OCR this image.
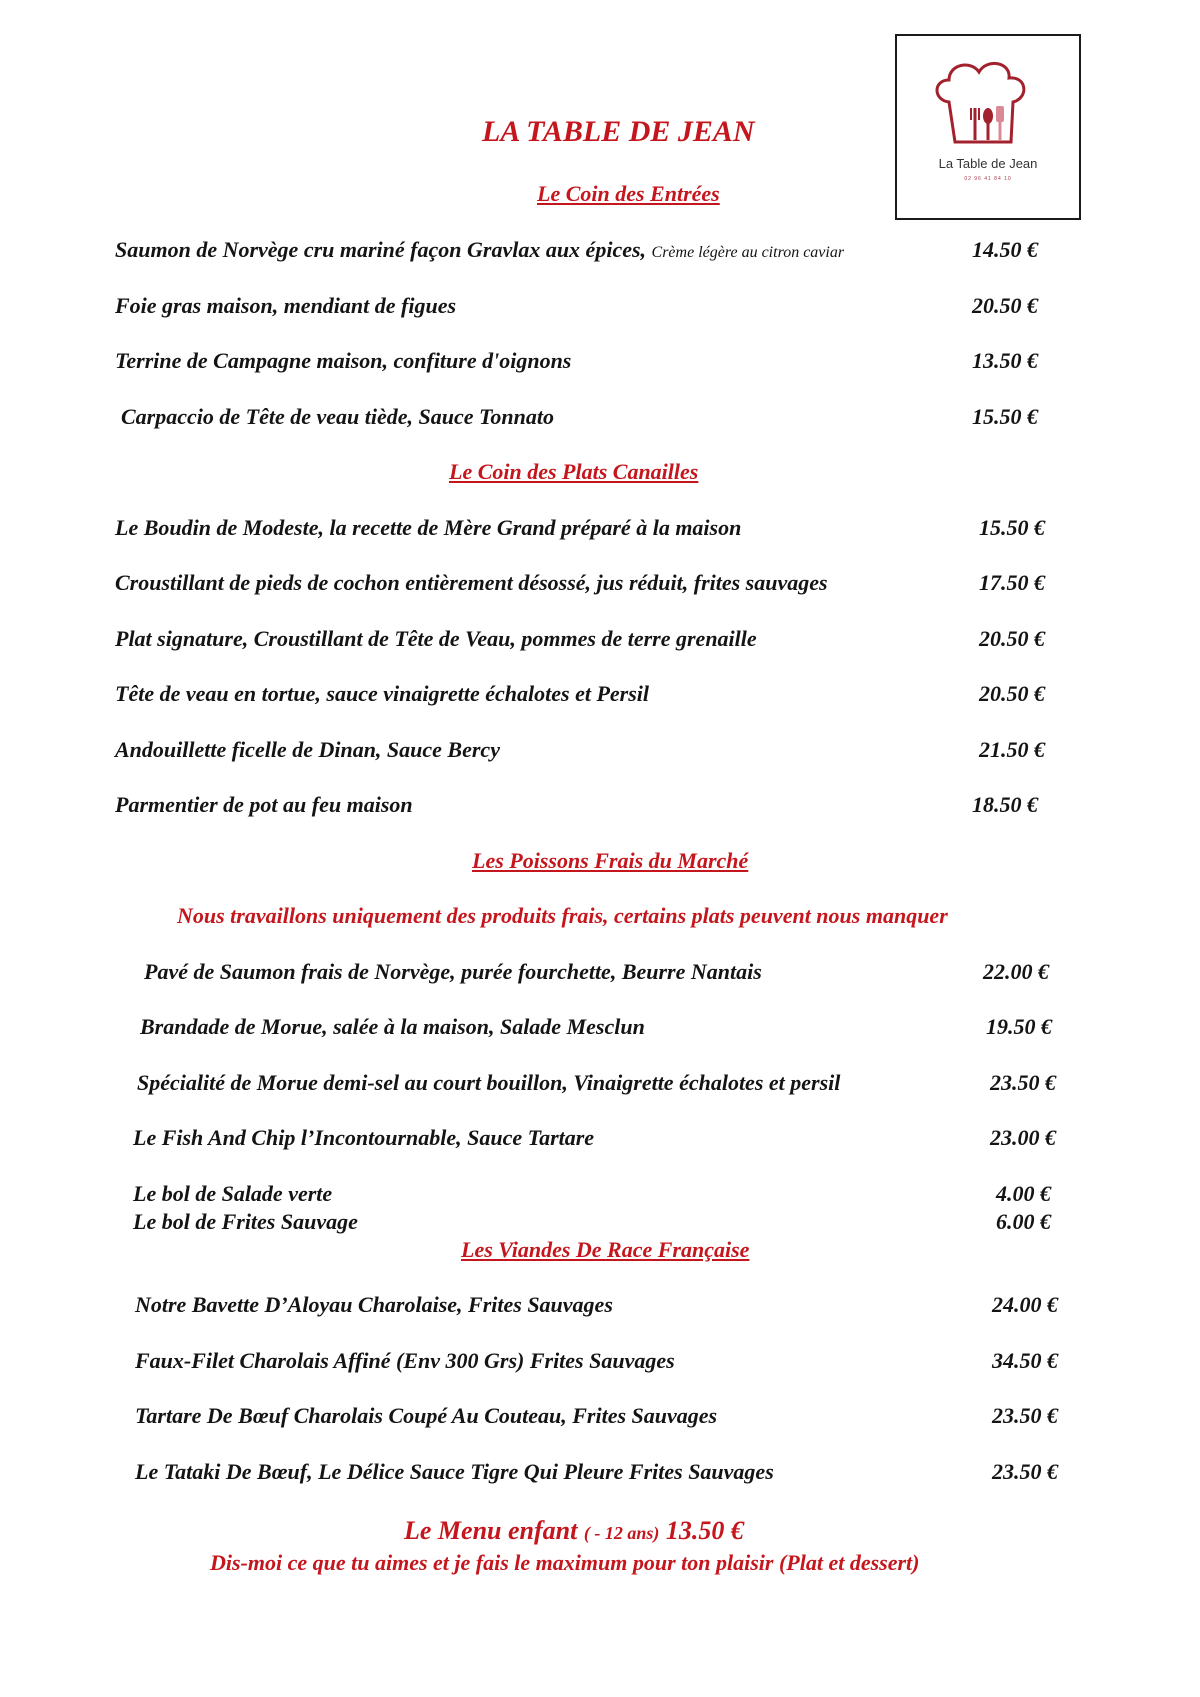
La Table de Jean
02 96 41 84 10
LA TABLE DE JEAN
Le Coin des Entrées
Saumon de Norvège cru mariné façon Gravlax aux épices, Crème légère au citron caviar	14.50 €
Foie gras maison, mendiant de figues	20.50 €
Terrine de Campagne maison, confiture d'oignons	13.50 €
Carpaccio de Tête de veau tiède, Sauce Tonnato	15.50 €
Le Coin des Plats Canailles
Le Boudin de Modeste, la recette de Mère Grand préparé à la maison	15.50 €
Croustillant de pieds de cochon entièrement désossé, jus réduit, frites sauvages	17.50 €
Plat signature, Croustillant de Tête de Veau, pommes de terre grenaille	20.50 €
Tête de veau en tortue, sauce vinaigrette échalotes et Persil	20.50 €
Andouillette ficelle de Dinan, Sauce Bercy	21.50 €
Parmentier de pot au feu maison	18.50 €
Les Poissons Frais du Marché
Nous travaillons uniquement des produits frais, certains plats peuvent nous manquer
Pavé de Saumon frais de Norvège, purée fourchette, Beurre Nantais	22.00 €
Brandade de Morue, salée à la maison, Salade Mesclun	19.50 €
Spécialité de Morue demi-sel au court bouillon, Vinaigrette échalotes et persil	23.50 €
Le Fish And Chip l’Incontournable, Sauce Tartare	23.00 €
Le bol de Salade verte	4.00 €
Le bol de Frites Sauvage	6.00 €
Les Viandes De Race Française
Notre Bavette D’Aloyau Charolaise, Frites Sauvages	24.00 €
Faux-Filet Charolais Affiné (Env 300 Grs) Frites Sauvages	34.50 €
Tartare De Bœuf Charolais Coupé Au Couteau, Frites Sauvages	23.50 €
Le Tataki De Bœuf, Le Délice Sauce Tigre Qui Pleure Frites Sauvages	23.50 €
Le Menu enfant ( - 12 ans) 13.50 €
Dis-moi ce que tu aimes et je fais le maximum pour ton plaisir (Plat et dessert)
